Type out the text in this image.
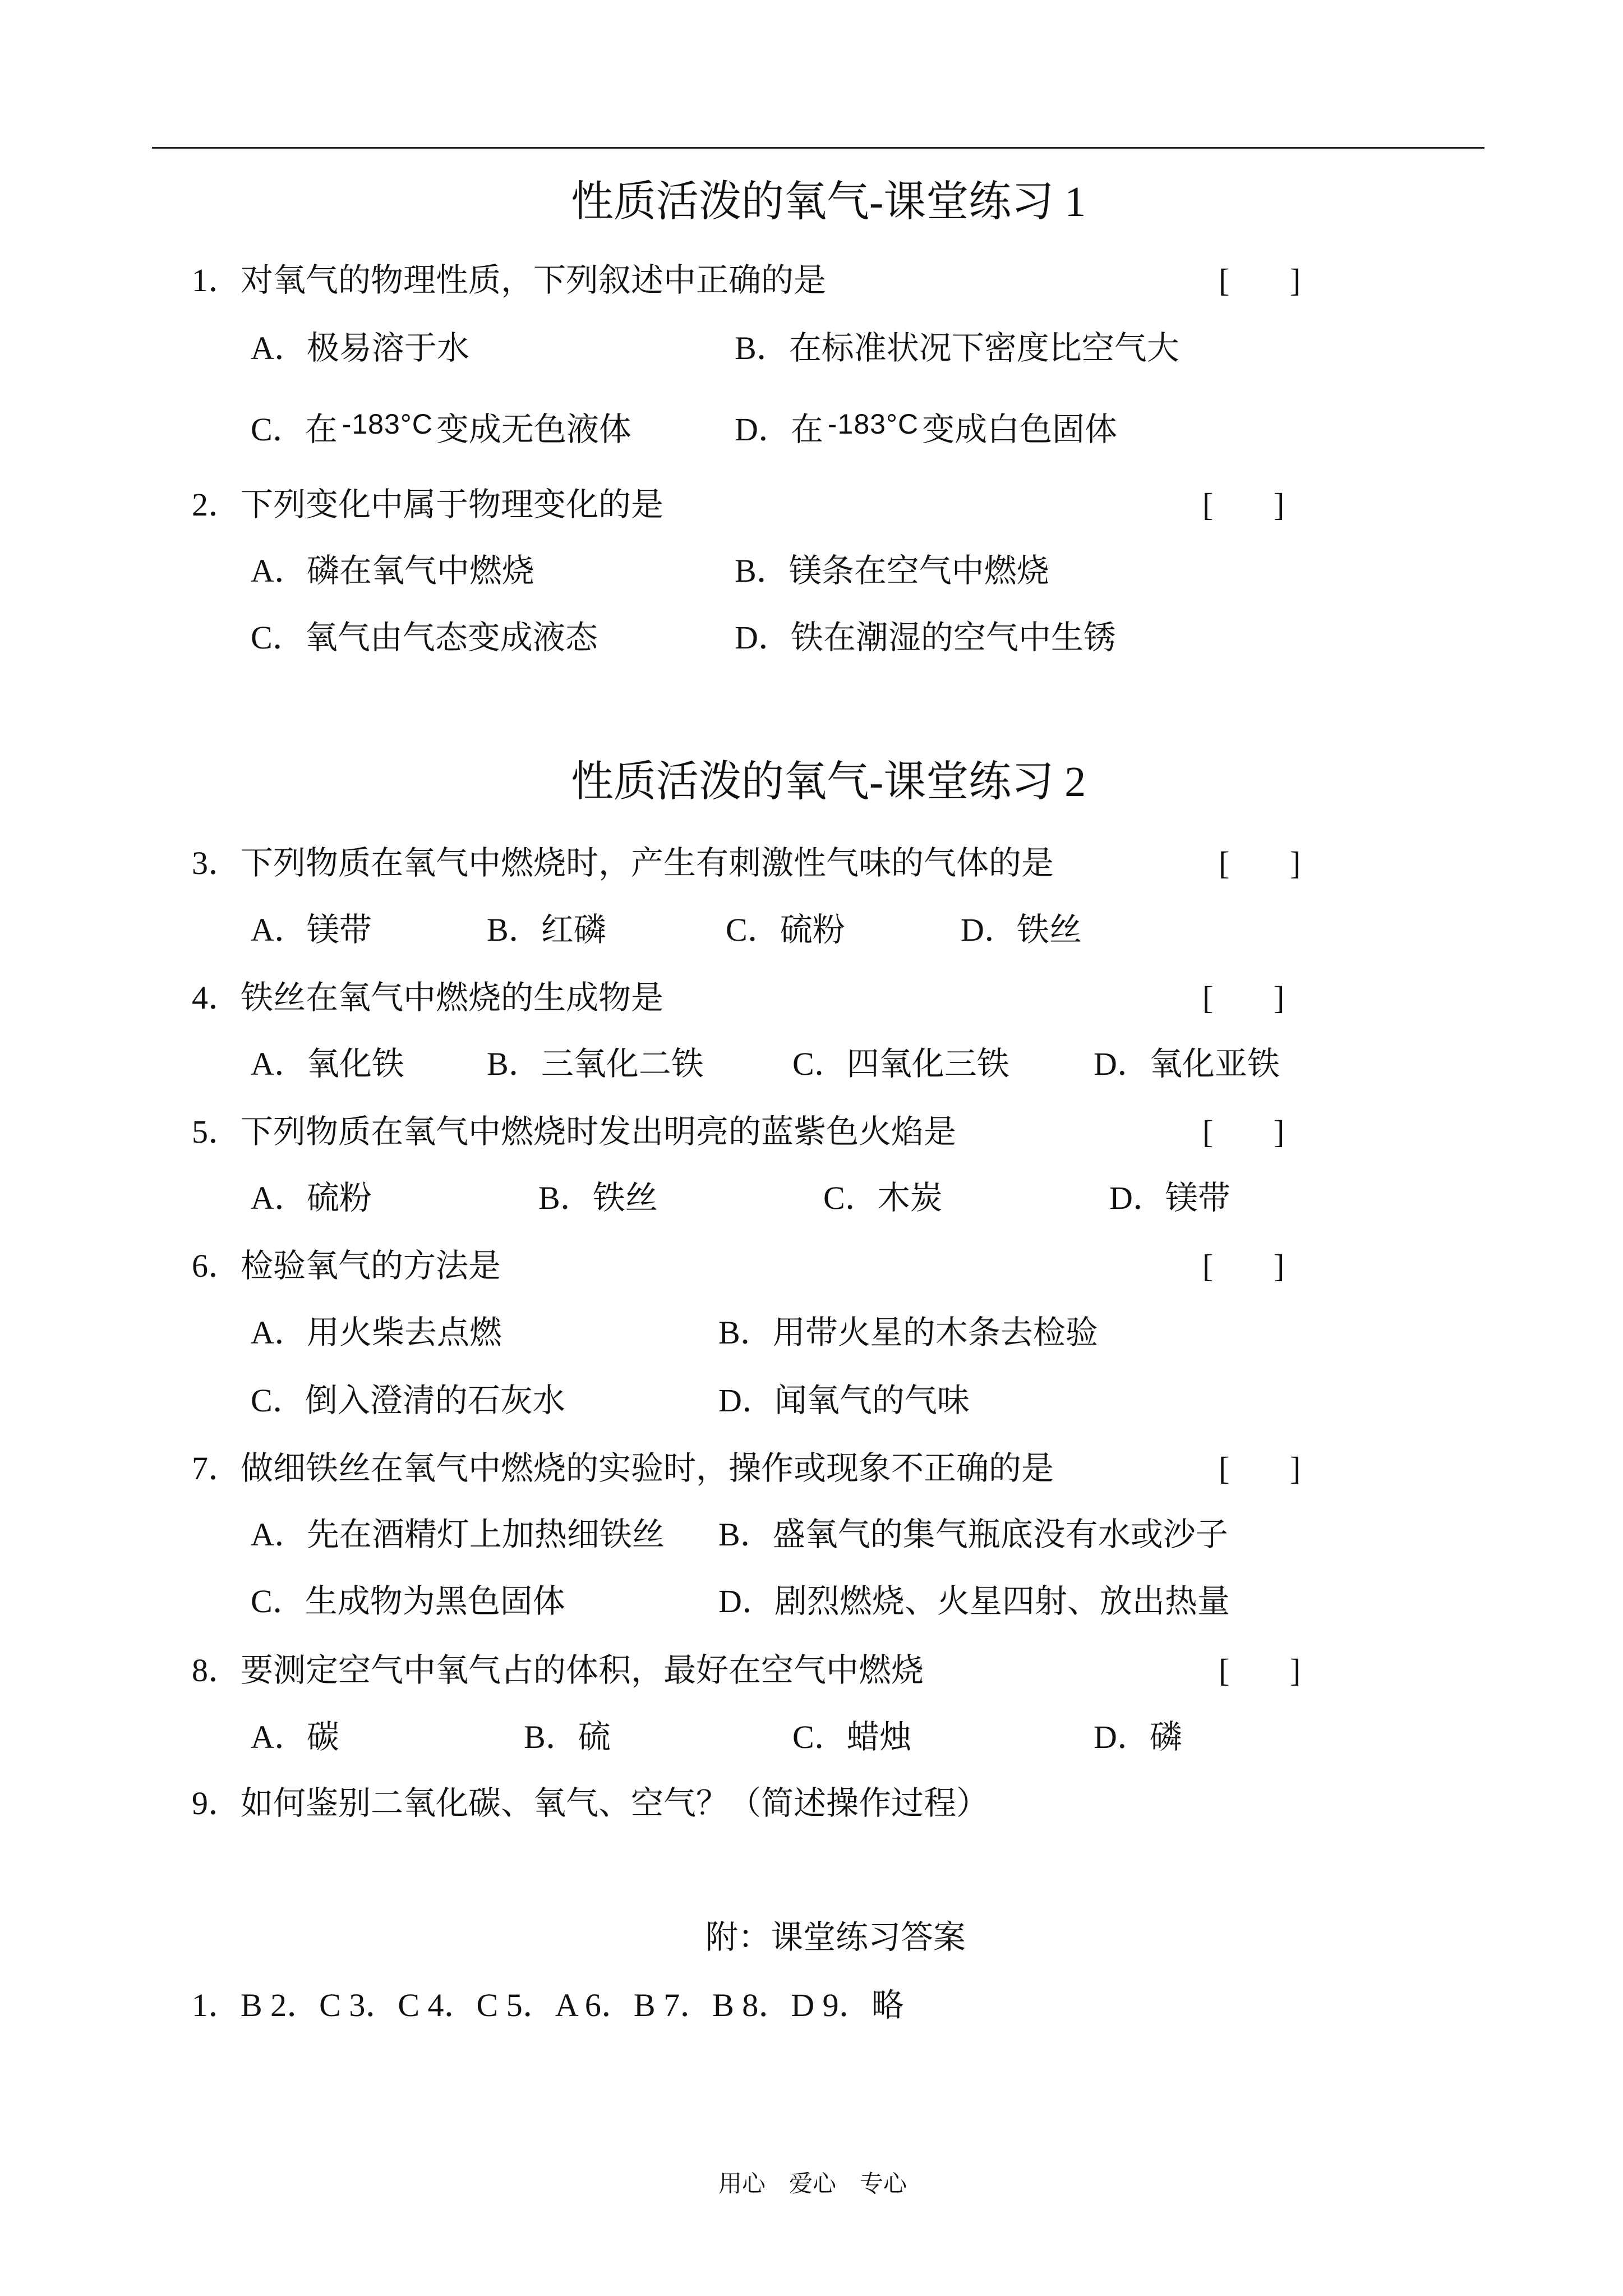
性质活泼的氧气-课堂练习 1
1．对氧气的物理性质，下列叙述中正确的是	[ ]
A．极易溶于水	B．在标准状况下密度比空气大
C．在 -183°C 变成无色液体	D．在 -183°C 变成白色固体
2．下列变化中属于物理变化的是	[ ]
A．磷在氧气中燃烧	B．镁条在空气中燃烧
C．氧气由气态变成液态	D．铁在潮湿的空气中生锈
性质活泼的氧气-课堂练习 2
3．下列物质在氧气中燃烧时，产生有刺激性气味的气体的是	[ ]
A．镁带	B．红磷	C．硫粉	D．铁丝
4．铁丝在氧气中燃烧的生成物是	[ ]
A．氧化铁	B．三氧化二铁	C．四氧化三铁	D．氧化亚铁
5．下列物质在氧气中燃烧时发出明亮的蓝紫色火焰是	[ ]
A．硫粉	B．铁丝	C．木炭	D．镁带
6．检验氧气的方法是	[ ]
A．用火柴去点燃	B．用带火星的木条去检验
C．倒入澄清的石灰水	D．闻氧气的气味
7．做细铁丝在氧气中燃烧的实验时，操作或现象不正确的是	[ ]
A．先在酒精灯上加热细铁丝 B．盛氧气的集气瓶底没有水或沙子
C．生成物为黑色固体	D．剧烈燃烧、火星四射、放出热量
8．要测定空气中氧气占的体积，最好在空气中燃烧	[ ]
A．碳	B．硫	C．蜡烛	D．磷
9．如何鉴别二氧化碳、氧气、空气？（简述操作过程）
附：课堂练习答案
1．B 2．C 3．C 4．C 5．A 6．B 7．B 8．D 9．略
用心　爱心　专心
